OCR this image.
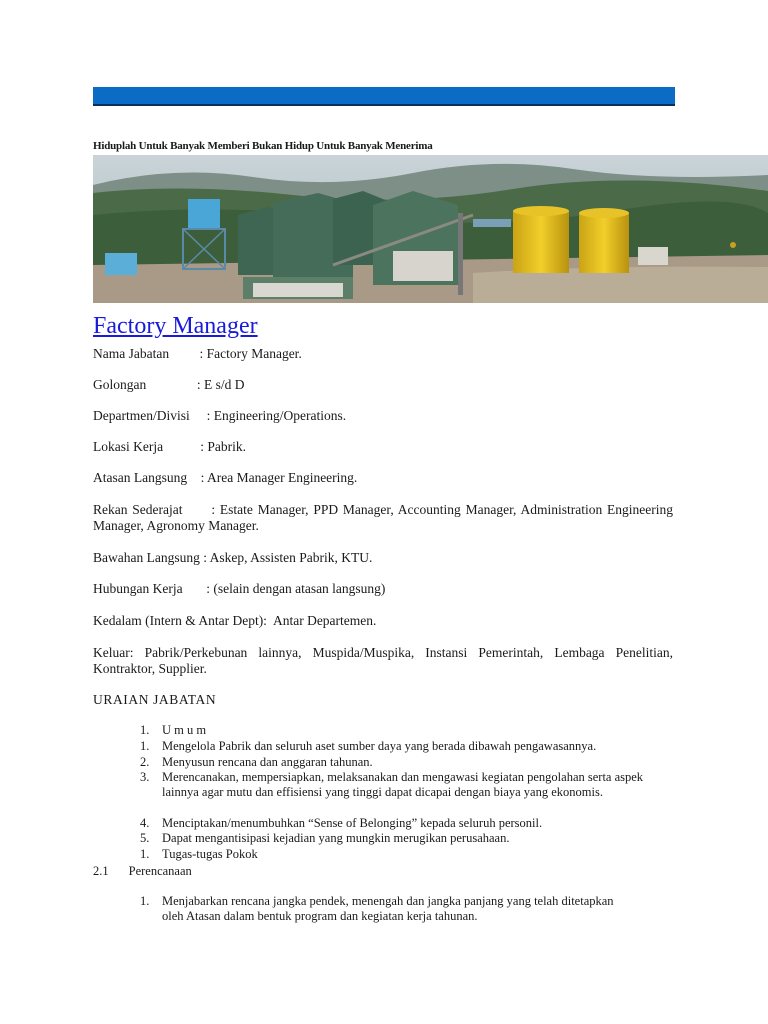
Hiduplah Untuk Banyak Memberi Bukan Hidup Untuk Banyak Menerima
Factory Manager
Nama Jabatan         : Factory Manager.
Golongan               : E s/d D
Departmen/Divisi     : Engineering/Operations.
Lokasi Kerja           : Pabrik.
Atasan Langsung    : Area Manager Engineering.
Rekan Sederajat      : Estate Manager, PPD Manager, Accounting Manager, Administration Engineering Manager, Agronomy Manager.
Bawahan Langsung : Askep, Assisten Pabrik, KTU.
Hubungan Kerja       : (selain dengan atasan langsung)
Kedalam (Intern & Antar Dept):  Antar Departemen.
Keluar: Pabrik/Perkebunan lainnya, Muspida/Muspika, Instansi Pemerintah, Lembaga Penelitian, Kontraktor, Supplier.
URAIAN JABATAN
1. U m u m
1. Mengelola Pabrik dan seluruh aset sumber daya yang berada dibawah pengawasannya.
2. Menyusun rencana dan anggaran tahunan.
3. Merencanakan, mempersiapkan, melaksanakan dan mengawasi kegiatan pengolahan serta aspek lainnya agar mutu dan effisiensi yang tinggi dapat dicapai dengan biaya yang ekonomis.
4. Menciptakan/menumbuhkan “Sense of Belonging” kepada seluruh personil.
5. Dapat mengantisipasi kejadian yang mungkin merugikan perusahaan.
1. Tugas-tugas Pokok
2.1 Perencanaan
1. Menjabarkan rencana jangka pendek, menengah dan jangka panjang yang telah ditetapkan oleh Atasan dalam bentuk program dan kegiatan kerja tahunan.
